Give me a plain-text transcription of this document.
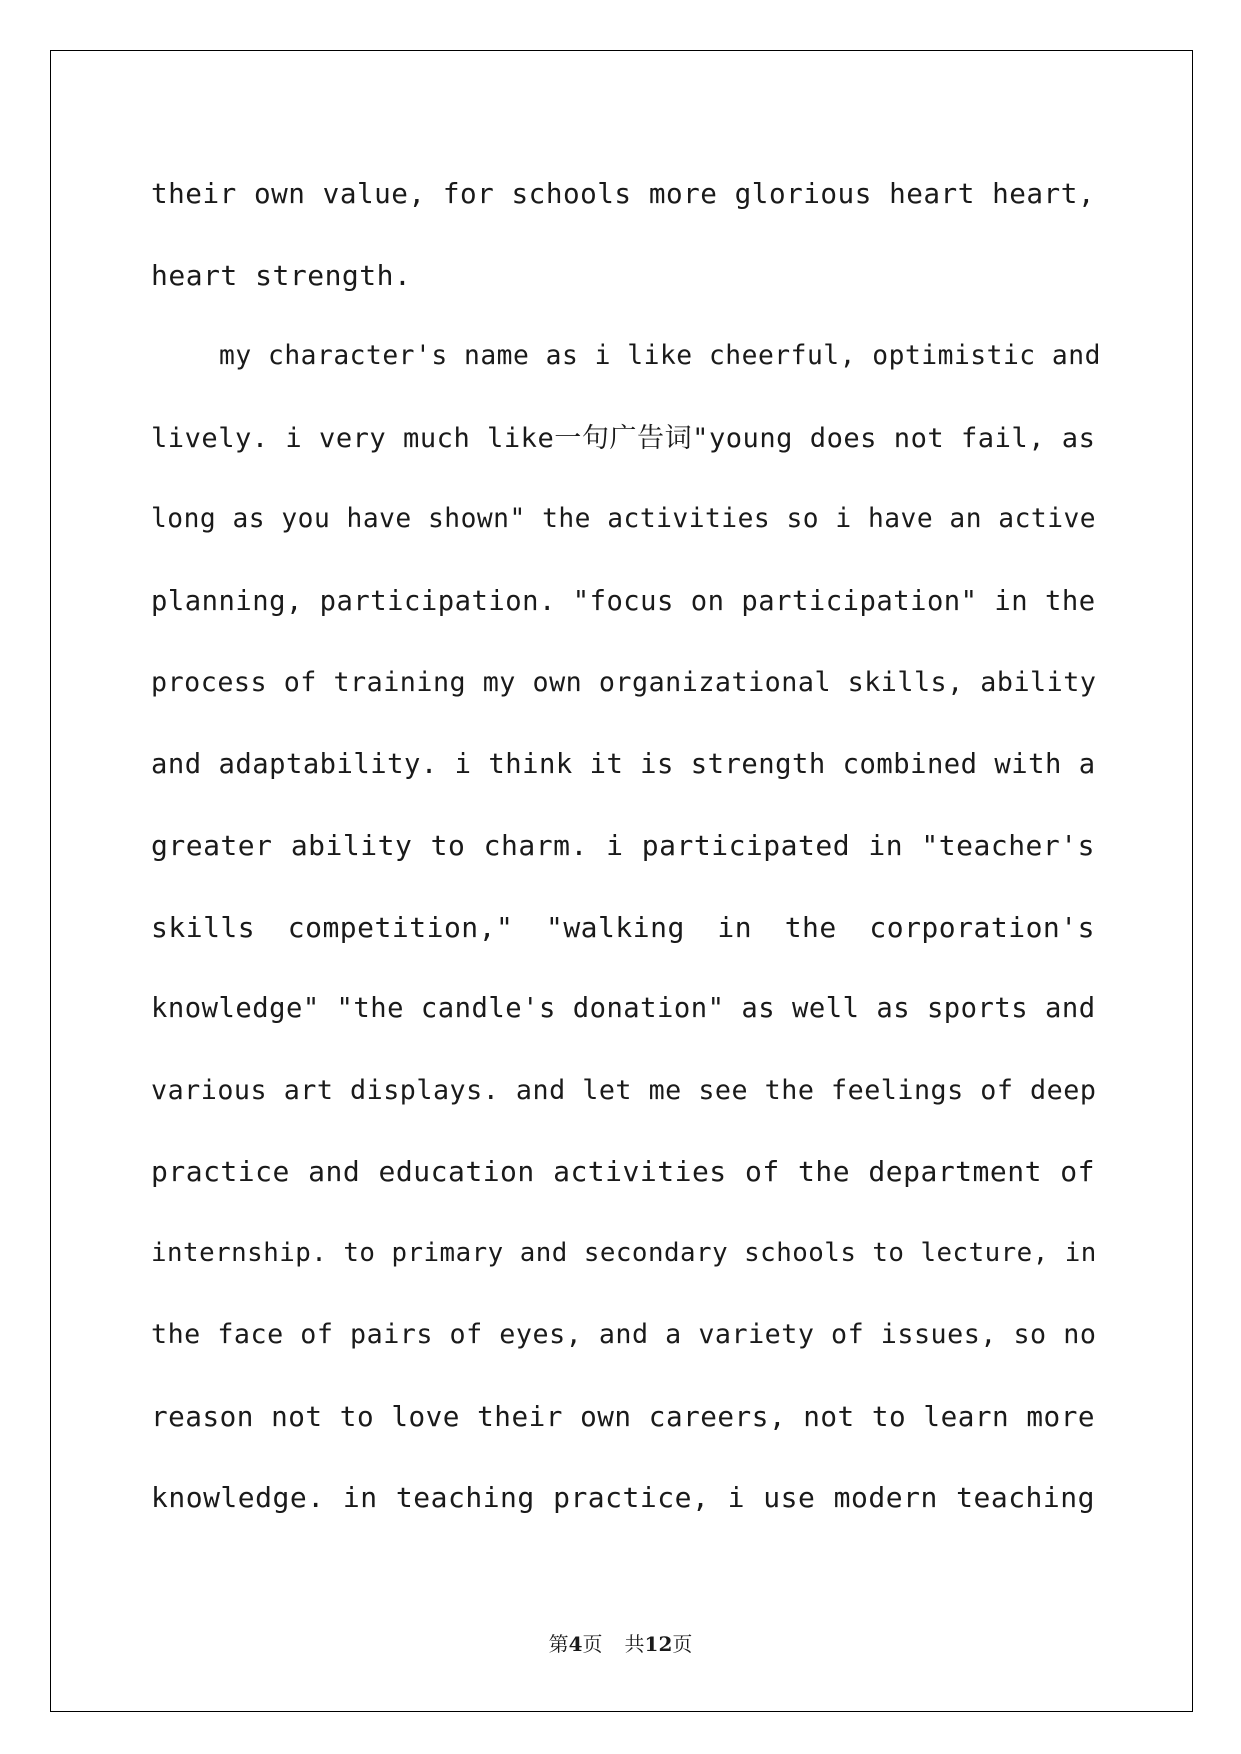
their own value, for schools more glorious heart heart,
heart strength.
my character's name as i like cheerful, optimistic and
lively. i very much like一句广告词"young does not fail, as
long as you have shown" the activities so i have an active
planning, participation. "focus on participation" in the
process of training my own organizational skills, ability
and adaptability. i think it is strength combined with a
greater ability to charm. i participated in "teacher's
skills competition," "walking in the corporation's
knowledge" "the candle's donation" as well as sports and
various art displays. and let me see the feelings of deep
practice and education activities of the department of
internship. to primary and secondary schools to lecture, in
the face of pairs of eyes, and a variety of issues, so no
reason not to love their own careers, not to learn more
knowledge. in teaching practice, i use modern teaching
第4页 共12页
